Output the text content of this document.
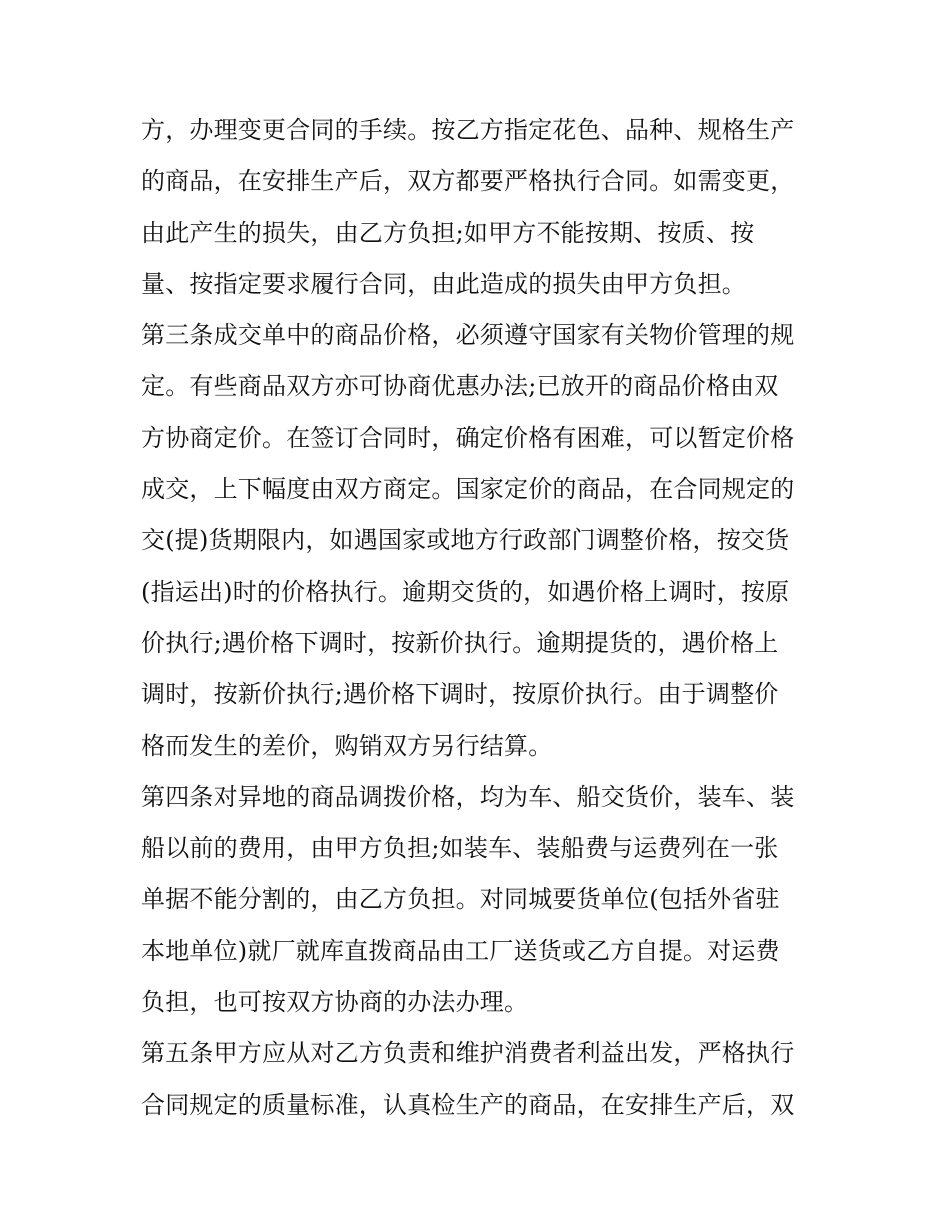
方，办理变更合同的手续。按乙方指定花色、品种、规格生产
的商品，在安排生产后，双方都要严格执行合同。如需变更，
由此产生的损失，由乙方负担;如甲方不能按期、按质、按
量、按指定要求履行合同，由此造成的损失由甲方负担。
第三条成交单中的商品价格，必须遵守国家有关物价管理的规
定。有些商品双方亦可协商优惠办法;已放开的商品价格由双
方协商定价。在签订合同时，确定价格有困难，可以暂定价格
成交，上下幅度由双方商定。国家定价的商品，在合同规定的
交(提)货期限内，如遇国家或地方行政部门调整价格，按交货
(指运出)时的价格执行。逾期交货的，如遇价格上调时，按原
价执行;遇价格下调时，按新价执行。逾期提货的，遇价格上
调时，按新价执行;遇价格下调时，按原价执行。由于调整价
格而发生的差价，购销双方另行结算。
第四条对异地的商品调拨价格，均为车、船交货价，装车、装
船以前的费用，由甲方负担;如装车、装船费与运费列在一张
单据不能分割的，由乙方负担。对同城要货单位(包括外省驻
本地单位)就厂就库直拨商品由工厂送货或乙方自提。对运费
负担，也可按双方协商的办法办理。
第五条甲方应从对乙方负责和维护消费者利益出发，严格执行
合同规定的质量标准，认真检生产的商品，在安排生产后，双
